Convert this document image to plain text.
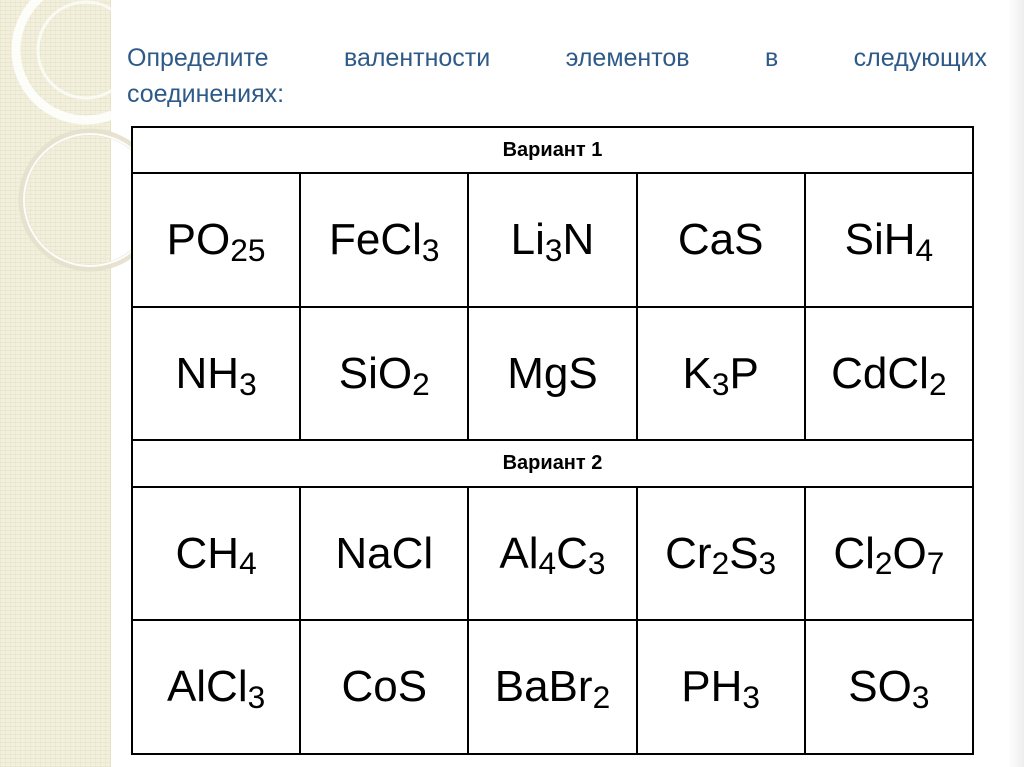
Определите	валентности	элементов	в	следующих
соединениях:
Вариант 1				
$PO_{25}$	FeCl$_3$	$Li_3N$	CaS	SiH$_4$
$NH_3$	SiO$_2$	MgS	$K_3P$	CdCl$_2$
Вариант 2				
$CH_4$	NaCl	$Al_4C_3$	$Cr_2S_3$	$Cl_2O_7$
AlCl$_3$	CoS	BaBr$_2$	$PH_3$	$SO_3$
